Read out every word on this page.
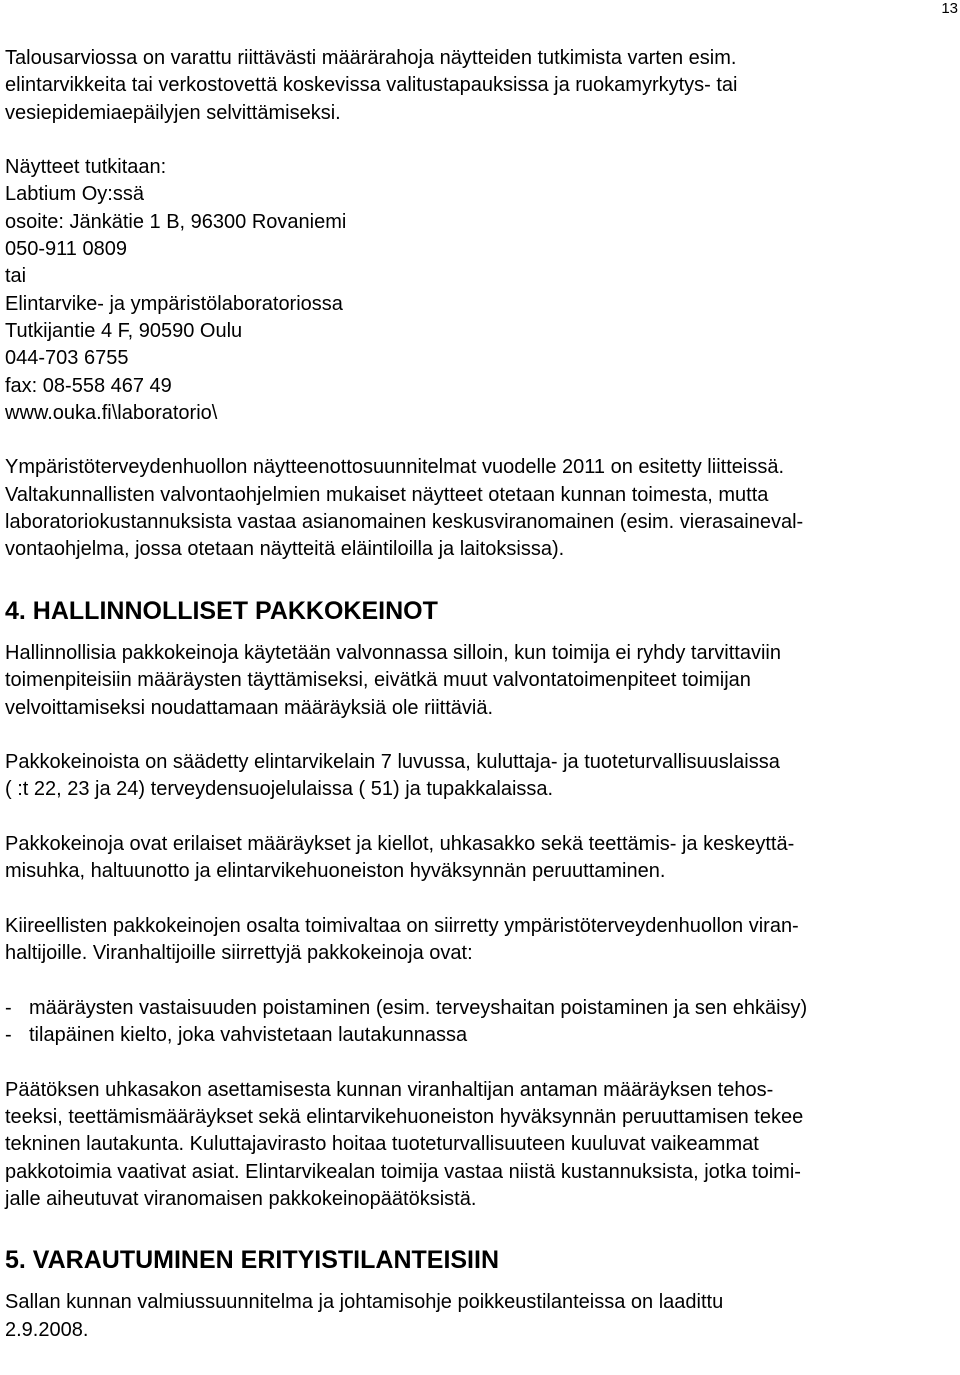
13
Talousarviossa on varattu riittävästi määrärahoja näytteiden tutkimista varten esim.
elintarvikkeita tai verkostovettä koskevissa valitustapauksissa ja ruokamyrkytys- tai
vesiepidemiaepäilyjen selvittämiseksi.
Näytteet tutkitaan:
Labtium Oy:ssä
osoite: Jänkätie 1 B, 96300 Rovaniemi
050-911 0809
tai
Elintarvike- ja ympäristölaboratoriossa
Tutkijantie 4 F, 90590 Oulu
044-703 6755
fax: 08-558 467 49
www.ouka.fi\laboratorio\
Ympäristöterveydenhuollon näytteenottosuunnitelmat vuodelle 2011 on esitetty liitteissä.
Valtakunnallisten valvontaohjelmien mukaiset näytteet otetaan kunnan toimesta, mutta
laboratoriokustannuksista vastaa asianomainen keskusviranomainen (esim. vierasaineval-
vontaohjelma, jossa otetaan näytteitä eläintiloilla ja laitoksissa).
4. HALLINNOLLISET PAKKOKEINOT
Hallinnollisia pakkokeinoja käytetään valvonnassa silloin, kun toimija ei ryhdy tarvittaviin
toimenpiteisiin määräysten täyttämiseksi, eivätkä muut valvontatoimenpiteet toimijan
velvoittamiseksi noudattamaan määräyksiä ole riittäviä.
Pakkokeinoista on säädetty elintarvikelain 7 luvussa, kuluttaja- ja tuoteturvallisuuslaissa
( :t 22, 23 ja 24) terveydensuojelulaissa ( 51) ja tupakkalaissa.
Pakkokeinoja ovat erilaiset määräykset ja kiellot, uhkasakko sekä teettämis- ja keskeyttä-
misuhka, haltuunotto ja elintarvikehuoneiston hyväksynnän peruuttaminen.
Kiireellisten pakkokeinojen osalta toimivaltaa on siirretty ympäristöterveydenhuollon viran-
haltijoille. Viranhaltijoille siirrettyjä pakkokeinoja ovat:
- määräysten vastaisuuden poistaminen (esim. terveyshaitan poistaminen ja sen ehkäisy)
- tilapäinen kielto, joka vahvistetaan lautakunnassa
Päätöksen uhkasakon asettamisesta kunnan viranhaltijan antaman määräyksen tehos-
teeksi, teettämismääräykset sekä elintarvikehuoneiston hyväksynnän peruuttamisen tekee
tekninen lautakunta. Kuluttajavirasto hoitaa tuoteturvallisuuteen kuuluvat vaikeammat
pakkotoimia vaativat asiat. Elintarvikealan toimija vastaa niistä kustannuksista, jotka toimi-
jalle aiheutuvat viranomaisen pakkokeinopäätöksistä.
5. VARAUTUMINEN ERITYISTILANTEISIIN
Sallan kunnan valmiussuunnitelma ja johtamisohje poikkeustilanteissa on laadittu
2.9.2008.
